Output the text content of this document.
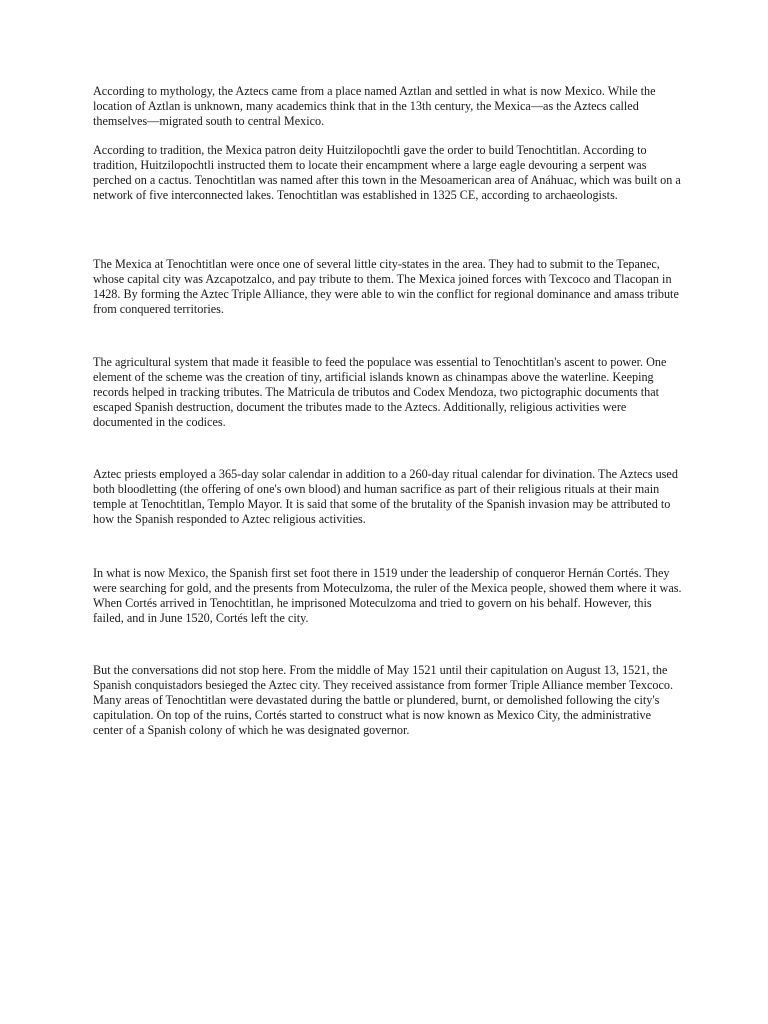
According to mythology, the Aztecs came from a place named Aztlan and settled in what is now Mexico. While the location of Aztlan is unknown, many academics think that in the 13th century, the Mexica—as the Aztecs called themselves—migrated south to central Mexico.

According to tradition, the Mexica patron deity Huitzilopochtli gave the order to build Tenochtitlan. According to tradition, Huitzilopochtli instructed them to locate their encampment where a large eagle devouring a serpent was perched on a cactus. Tenochtitlan was named after this town in the Mesoamerican area of Anáhuac, which was built on a network of five interconnected lakes. Tenochtitlan was established in 1325 CE, according to archaeologists.

The Mexica at Tenochtitlan were once one of several little city-states in the area. They had to submit to the Tepanec, whose capital city was Azcapotzalco, and pay tribute to them. The Mexica joined forces with Texcoco and Tlacopan in 1428. By forming the Aztec Triple Alliance, they were able to win the conflict for regional dominance and amass tribute from conquered territories.

The agricultural system that made it feasible to feed the populace was essential to Tenochtitlan's ascent to power. One element of the scheme was the creation of tiny, artificial islands known as chinampas above the waterline. Keeping records helped in tracking tributes. The Matricula de tributos and Codex Mendoza, two pictographic documents that escaped Spanish destruction, document the tributes made to the Aztecs. Additionally, religious activities were documented in the codices.

Aztec priests employed a 365-day solar calendar in addition to a 260-day ritual calendar for divination. The Aztecs used both bloodletting (the offering of one's own blood) and human sacrifice as part of their religious rituals at their main temple at Tenochtitlan, Templo Mayor. It is said that some of the brutality of the Spanish invasion may be attributed to how the Spanish responded to Aztec religious activities.

In what is now Mexico, the Spanish first set foot there in 1519 under the leadership of conqueror Hernán Cortés. They were searching for gold, and the presents from Moteculzoma, the ruler of the Mexica people, showed them where it was. When Cortés arrived in Tenochtitlan, he imprisoned Moteculzoma and tried to govern on his behalf. However, this failed, and in June 1520, Cortés left the city.

But the conversations did not stop here. From the middle of May 1521 until their capitulation on August 13, 1521, the Spanish conquistadors besieged the Aztec city. They received assistance from former Triple Alliance member Texcoco. Many areas of Tenochtitlan were devastated during the battle or plundered, burnt, or demolished following the city's capitulation. On top of the ruins, Cortés started to construct what is now known as Mexico City, the administrative center of a Spanish colony of which he was designated governor.
